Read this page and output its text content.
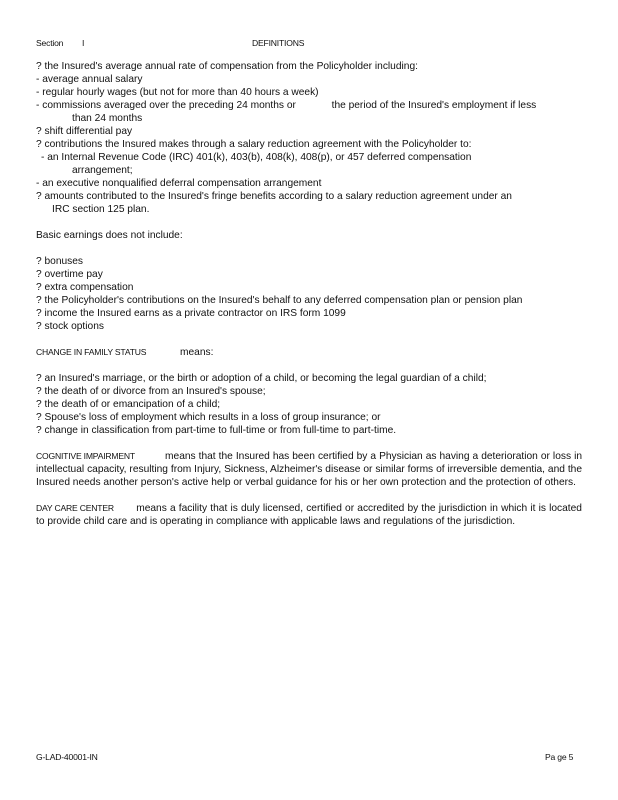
Section I	DEFINITIONS
? the Insured's average annual rate of compensation from the Policyholder including:
- average annual salary
- regular hourly wages (but not for more than 40 hours a week)
- commissions averaged over the preceding 24 months or	the period of the Insured's employment if less
than 24 months
? shift differential pay
? contributions the Insured makes through a salary reduction agreement with the Policyholder to:
- an Internal Revenue Code (IRC) 401(k), 403(b), 408(k), 408(p), or 457 deferred compensation
arrangement;
- an executive nonqualified deferral compensation arrangement
? amounts contributed to the Insured's fringe benefits according to a salary reduction agreement under an
IRC section 125 plan.
Basic earnings does not include:
? bonuses
? overtime pay
? extra compensation
? the Policyholder's contributions on the Insured's behalf to any deferred compensation plan or pension plan
? income the Insured earns as a private contractor on IRS form 1099
? stock options
CHANGE IN FAMILY STATUS	means:
? an Insured's marriage, or the birth or adoption of a child, or becoming the legal guardian of a child;
? the death of or divorce from an Insured's spouse;
? the death of or emancipation of a child;
? Spouse's loss of employment which results in a loss of group insurance; or
? change in classification from part-time to full-time or from full-time to part-time.
COGNITIVE IMPAIRMENT	means that the Insured has been certified by a Physician as having a deterioration or loss in intellectual capacity, resulting from Injury, Sickness, Alzheimer's disease or similar forms of irreversible dementia, and the Insured needs another person's active help or verbal guidance for his or her own protection and the protection of others.
DAY CARE CENTER means a facility that is duly licensed, certified or accredited by the jurisdiction in which it is located to provide child care and is operating in compliance with applicable laws and regulations of the jurisdiction.
G-LAD-40001-IN	Pa ge 5
